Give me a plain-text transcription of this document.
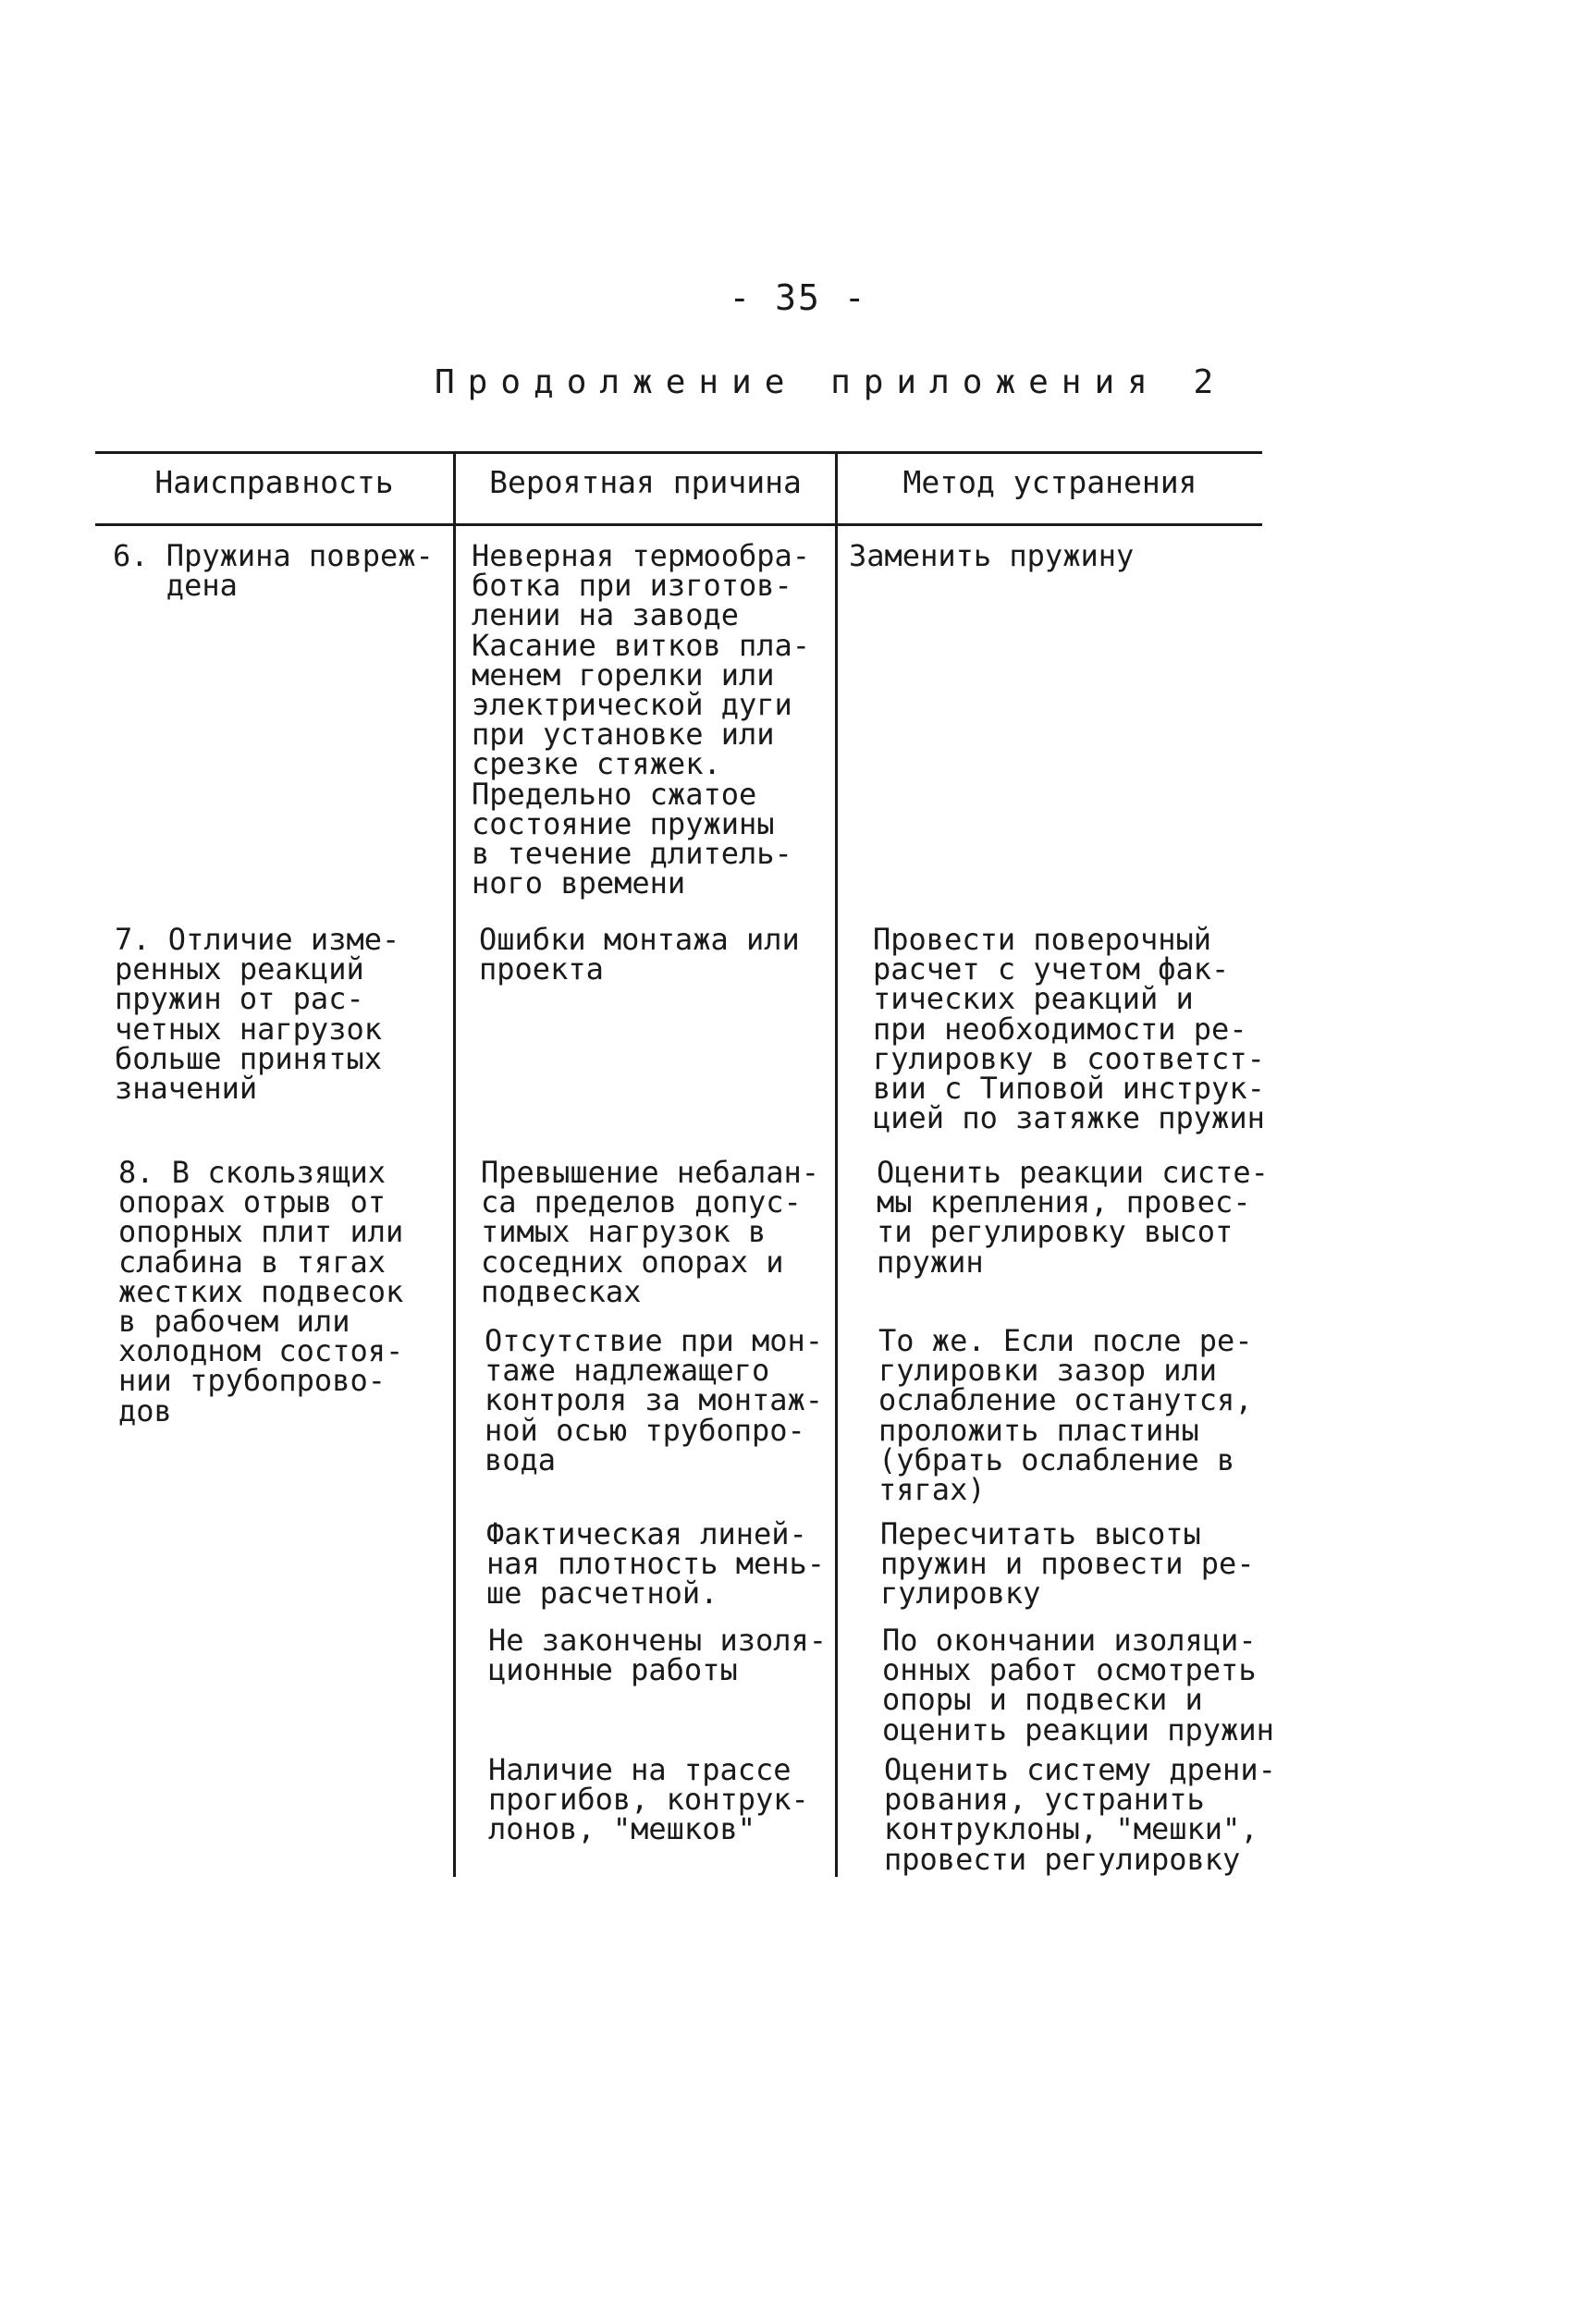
- 35 -
Продолжение приложения 2
Наисправность	Вероятная причина	Метод устранения
6. Пружина повреж-
дена
Неверная термообра-
ботка при изготов-
лении на заводе
Касание витков пла-
менем горелки или
электрической дуги
при установке или
срезке стяжек.
Предельно сжатое
состояние пружины
в течение длитель-
ного времени
Заменить пружину
7. Отличие изме-
ренных реакций
пружин от рас-
четных нагрузок
больше принятых
значений
Ошибки монтажа или
проекта
Провести поверочный
расчет с учетом фак-
тических реакций и
при необходимости ре-
гулировку в соответст-
вии с Типовой инструк-
цией по затяжке пружин
8. В скользящих
опорах отрыв от
опорных плит или
слабина в тягах
жестких подвесок
в рабочем или
холодном состоя-
нии трубопрово-
дов
Превышение небалан-
са пределов допус-
тимых нагрузок в
соседних опорах и
подвесках
Оценить реакции систе-
мы крепления, провес-
ти регулировку высот
пружин
Отсутствие при мон-
таже надлежащего
контроля за монтаж-
ной осью трубопро-
вода
То же. Если после ре-
гулировки зазор или
ослабление останутся,
проложить пластины
(убрать ослабление в
тягах)
Фактическая линей-
ная плотность мень-
ше расчетной.
Пересчитать высоты
пружин и провести ре-
гулировку
Не закончены изоля-
ционные работы
По окончании изоляци-
онных работ осмотреть
опоры и подвески и
оценить реакции пружин
Наличие на трассе
прогибов, контрук-
лонов, "мешков"
Оценить систему дрени-
рования, устранить
контруклоны, "мешки",
провести регулировку
